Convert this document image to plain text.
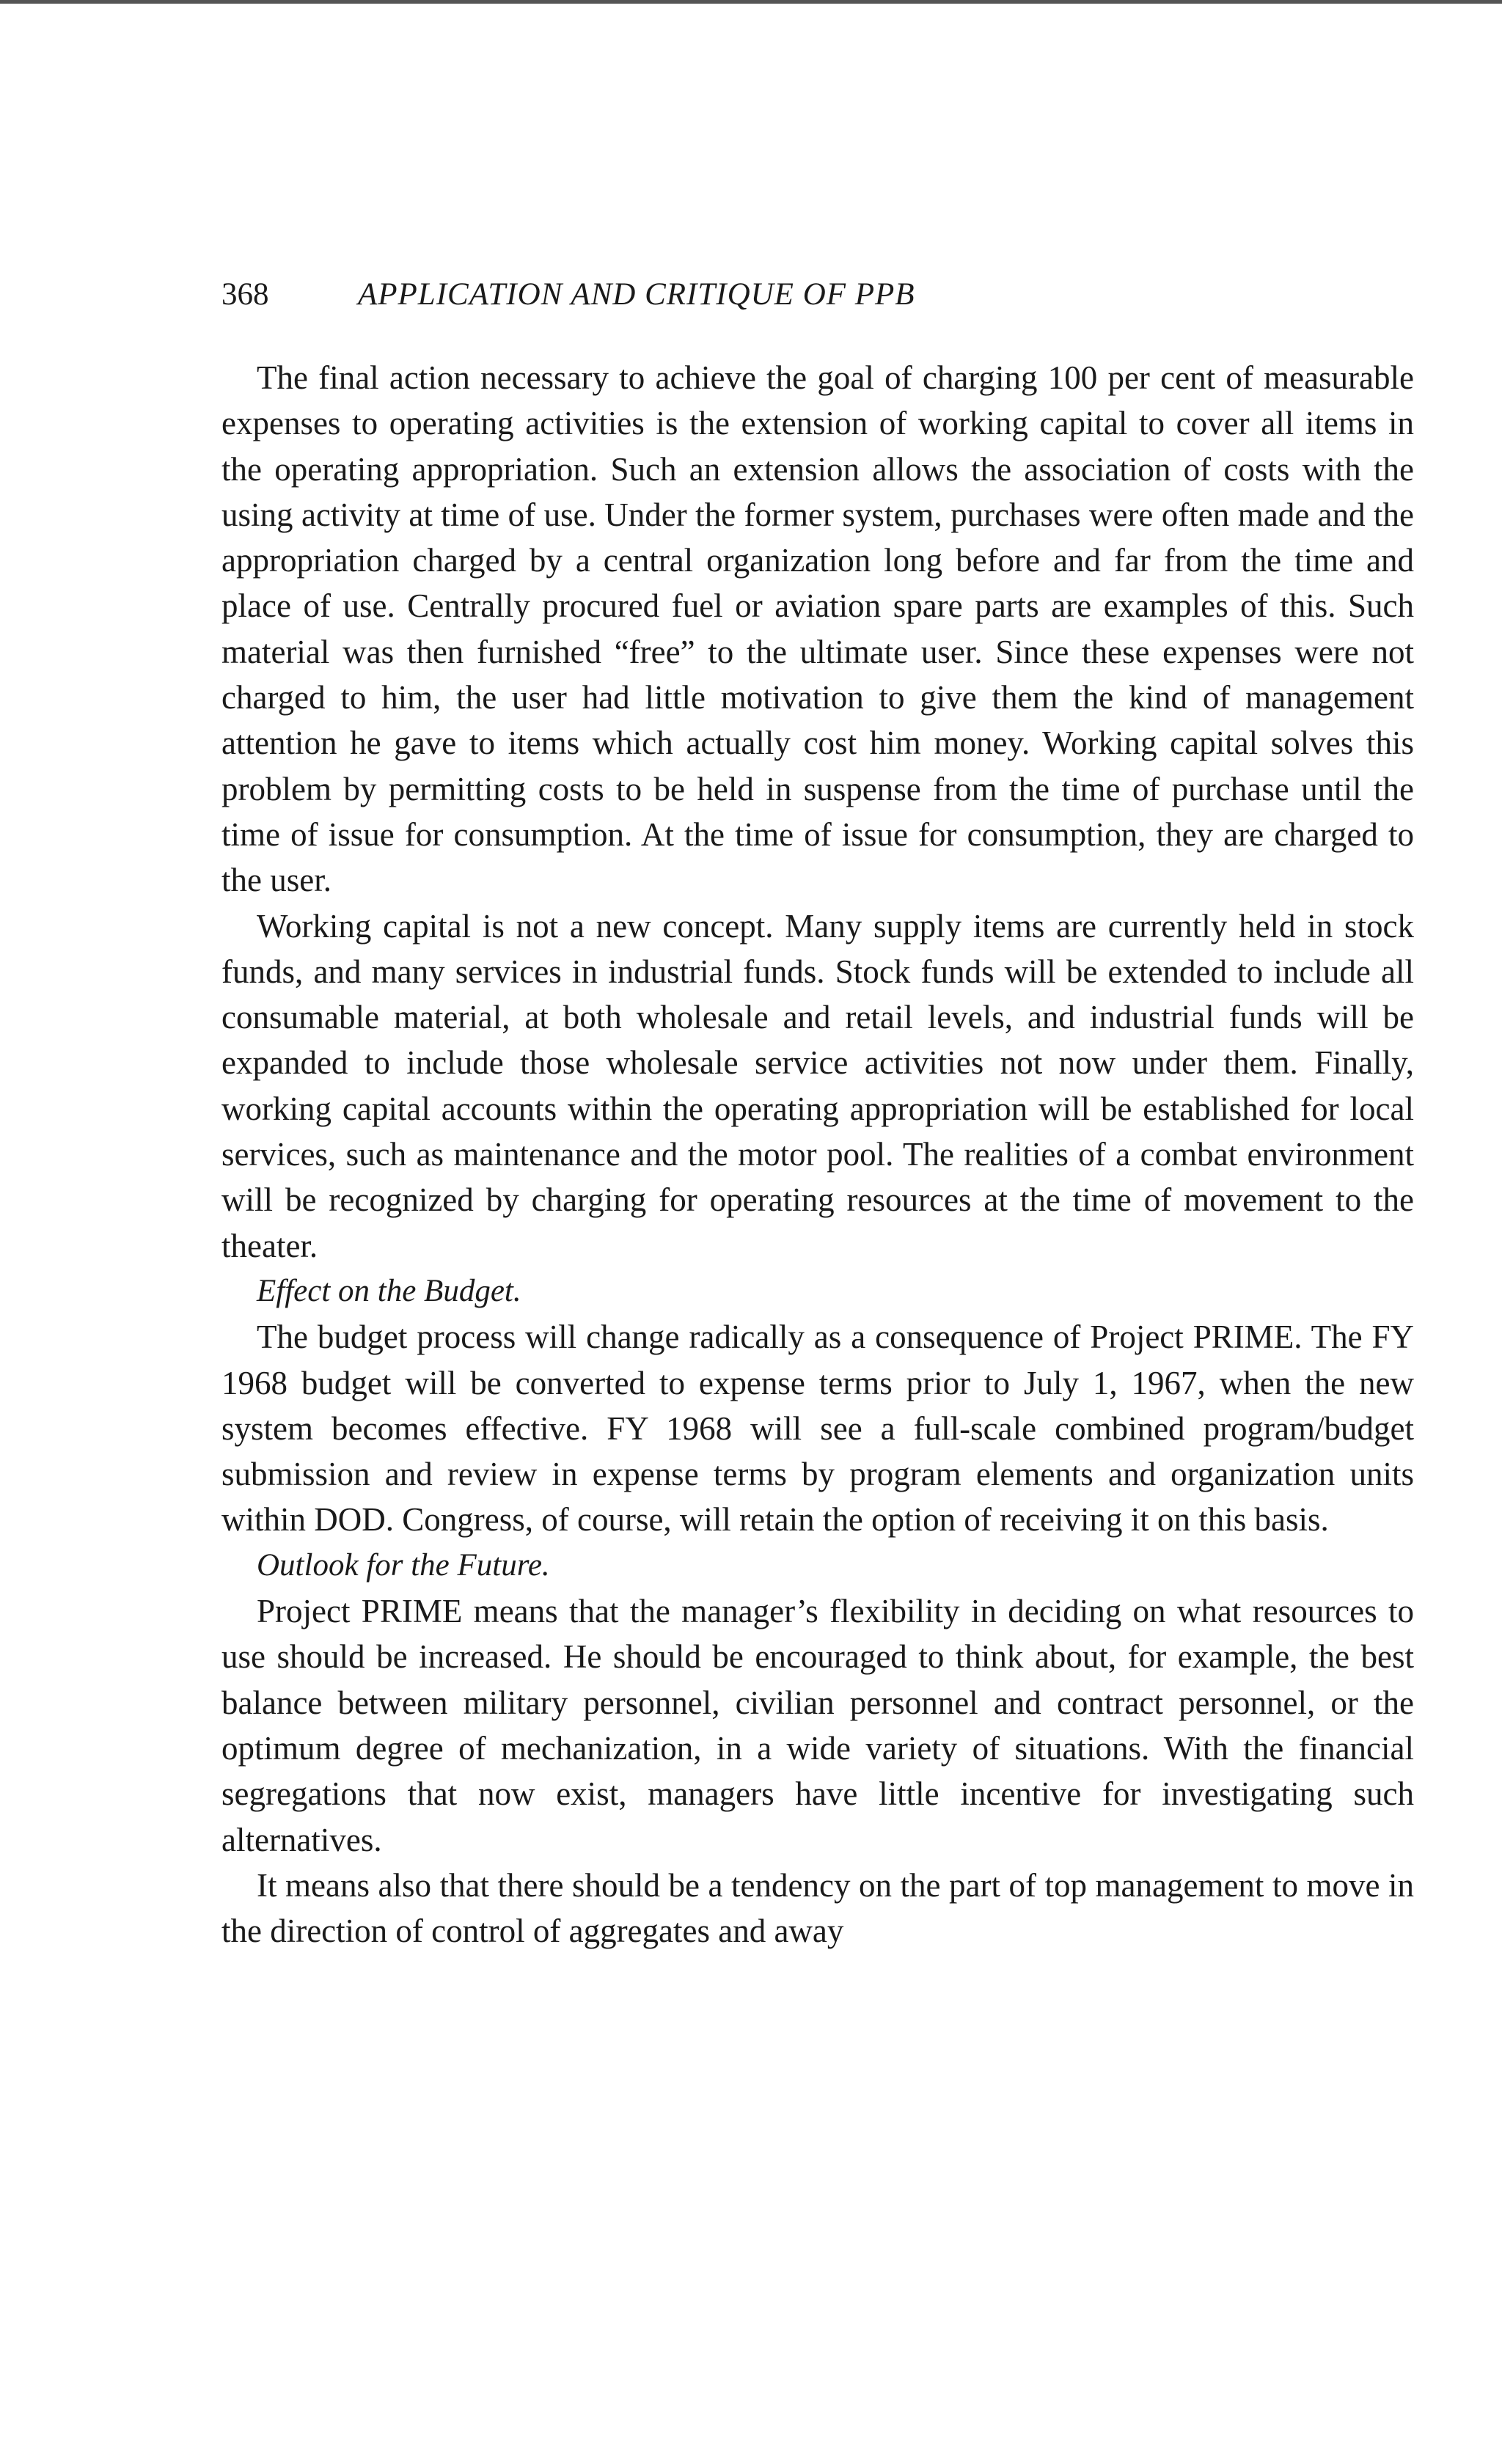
368	APPLICATION AND CRITIQUE OF PPB

The final action necessary to achieve the goal of charging 100 per cent of measurable expenses to operating activities is the extension of working capital to cover all items in the operating appropriation. Such an extension allows the association of costs with the using activity at time of use. Under the former system, purchases were often made and the appropriation charged by a central organization long before and far from the time and place of use. Centrally procured fuel or aviation spare parts are examples of this. Such material was then furnished “free” to the ultimate user. Since these expenses were not charged to him, the user had little motivation to give them the kind of management attention he gave to items which actually cost him money. Working capital solves this problem by permitting costs to be held in suspense from the time of purchase until the time of issue for consumption. At the time of issue for consumption, they are charged to the user.

Working capital is not a new concept. Many supply items are currently held in stock funds, and many services in industrial funds. Stock funds will be extended to include all consumable material, at both wholesale and retail levels, and industrial funds will be expanded to include those wholesale service activities not now under them. Finally, working capital accounts within the operating appropriation will be established for local services, such as maintenance and the motor pool. The realities of a combat environment will be recognized by charging for operating resources at the time of movement to the theater.

Effect on the Budget.

The budget process will change radically as a consequence of Project PRIME. The FY 1968 budget will be converted to expense terms prior to July 1, 1967, when the new system becomes effective. FY 1968 will see a full-scale combined program/budget submission and review in expense terms by program elements and organization units within DOD. Congress, of course, will retain the option of receiving it on this basis.

Outlook for the Future.

Project PRIME means that the manager’s flexibility in deciding on what resources to use should be increased. He should be encouraged to think about, for example, the best balance between military personnel, civilian personnel and contract personnel, or the optimum degree of mechanization, in a wide variety of situations. With the financial segregations that now exist, managers have little incentive for investigating such alternatives.

It means also that there should be a tendency on the part of top management to move in the direction of control of aggregates and away
